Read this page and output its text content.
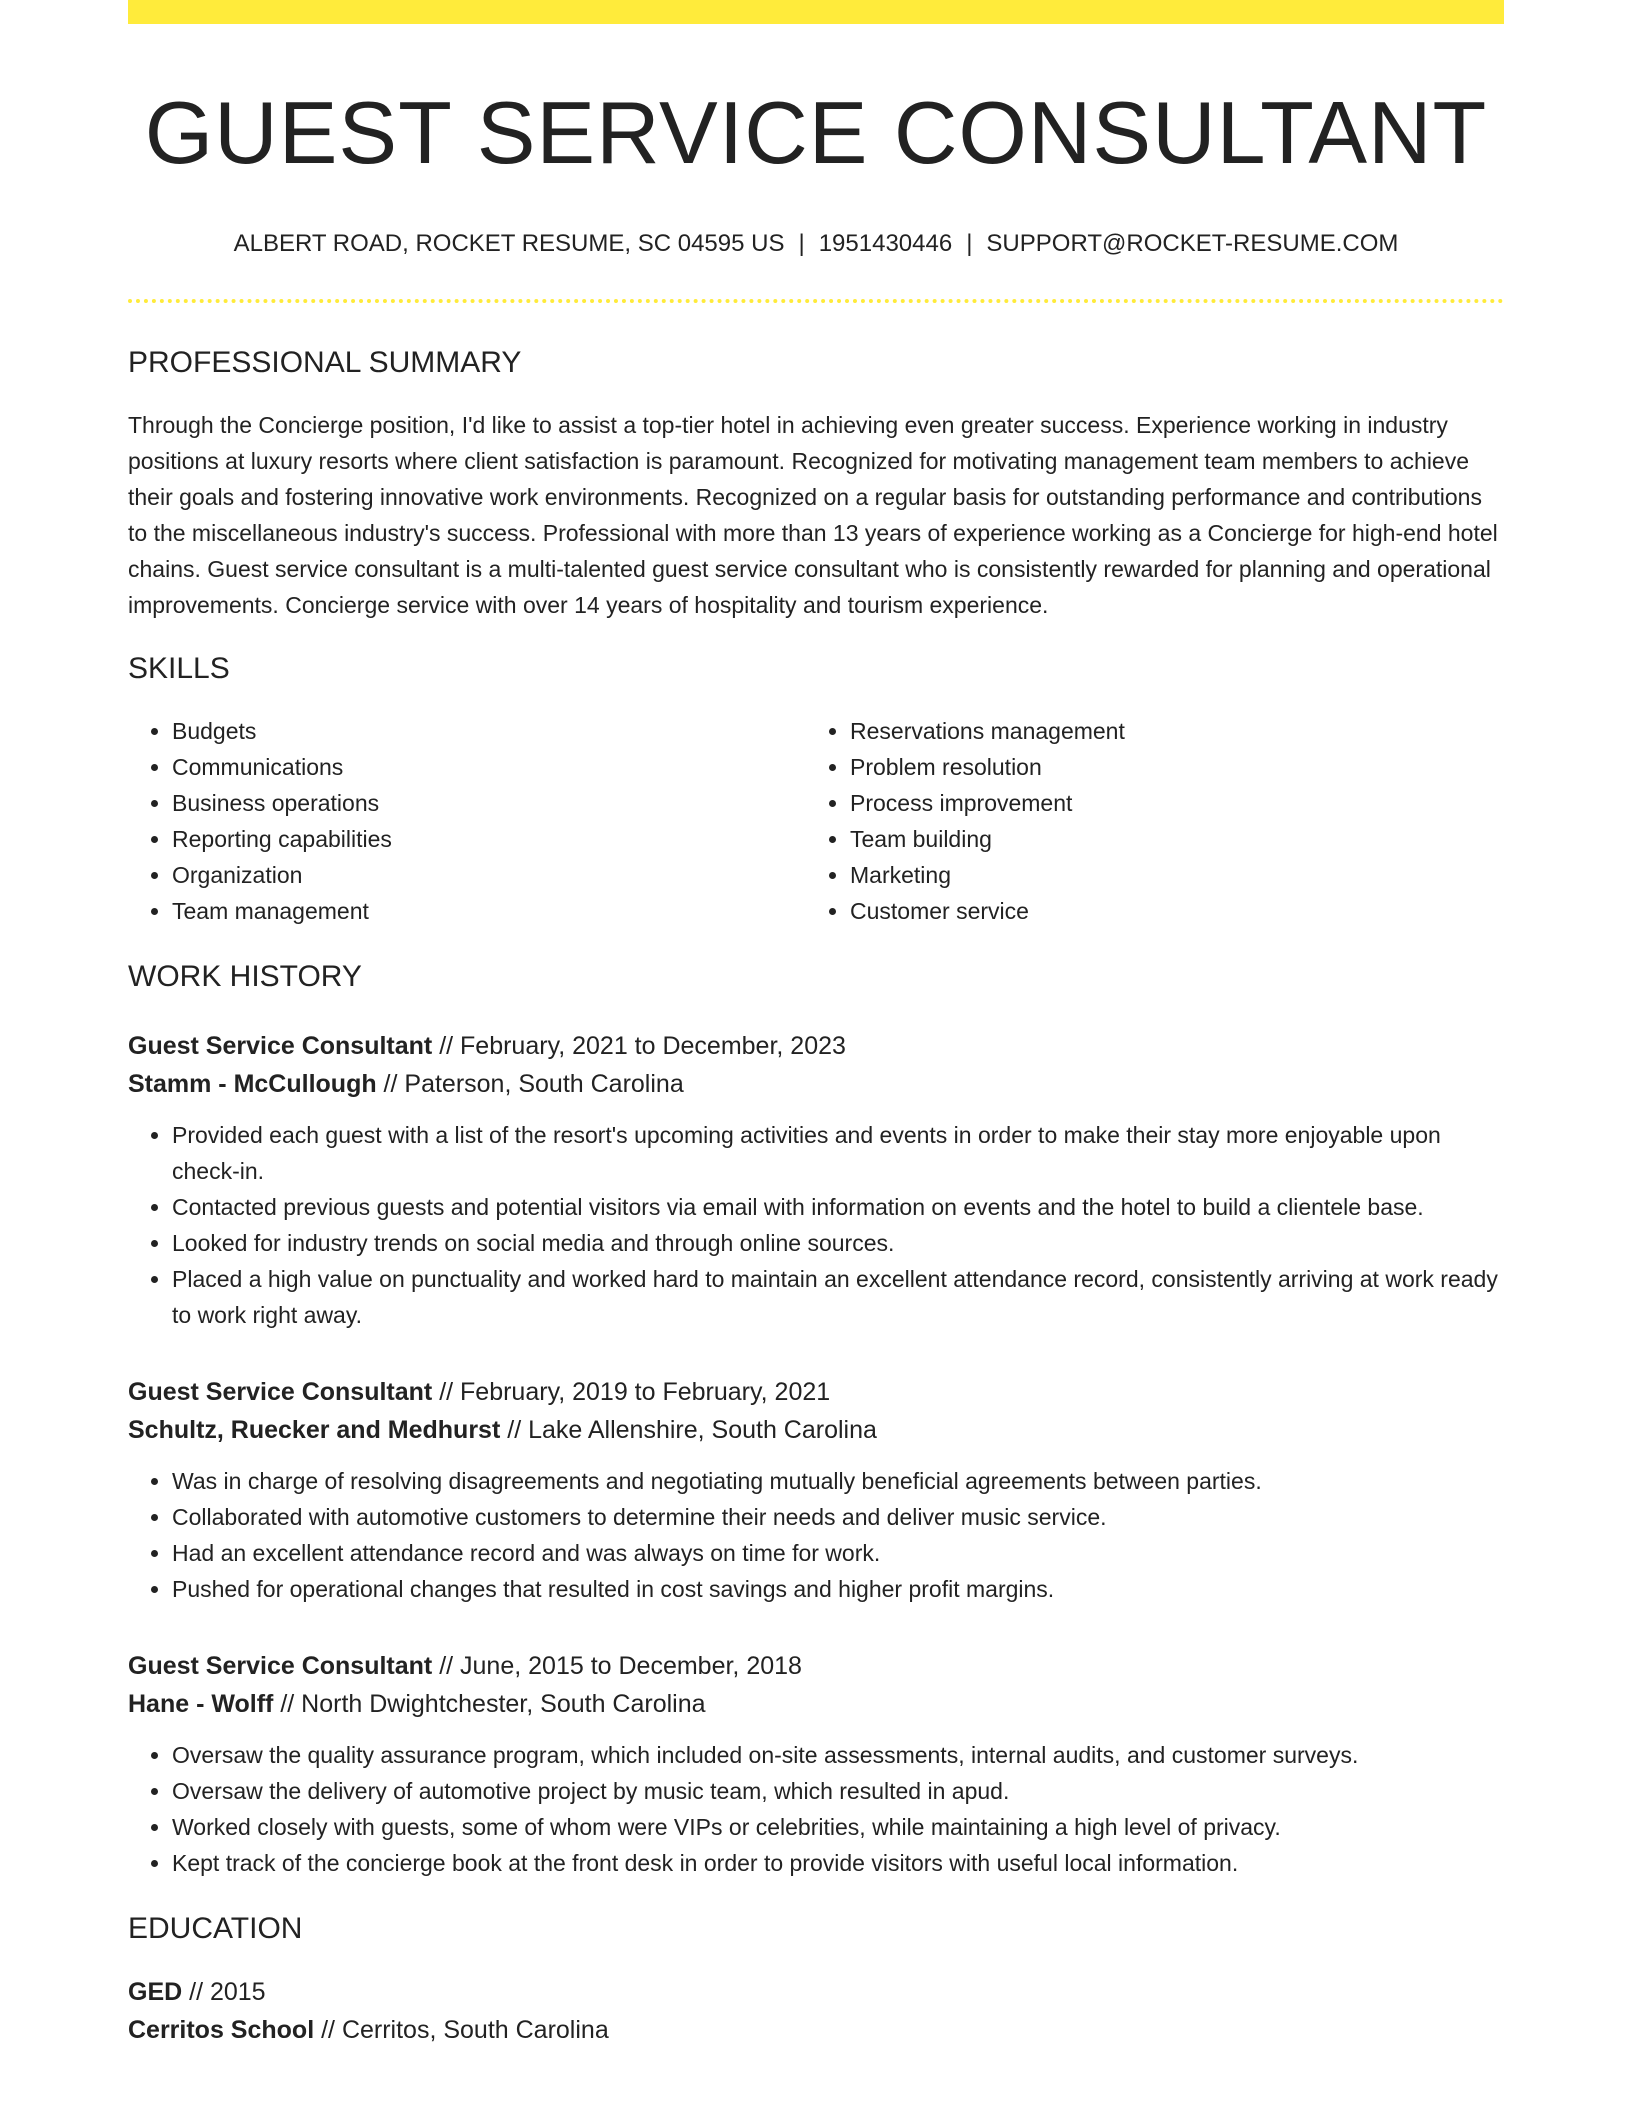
GUEST SERVICE CONSULTANT
ALBERT ROAD, ROCKET RESUME, SC 04595 US | 1951430446 | SUPPORT@ROCKET-RESUME.COM
PROFESSIONAL SUMMARY
Through the Concierge position, I'd like to assist a top-tier hotel in achieving even greater success. Experience working in industry positions at luxury resorts where client satisfaction is paramount. Recognized for motivating management team members to achieve their goals and fostering innovative work environments. Recognized on a regular basis for outstanding performance and contributions to the miscellaneous industry's success. Professional with more than 13 years of experience working as a Concierge for high-end hotel chains. Guest service consultant is a multi-talented guest service consultant who is consistently rewarded for planning and operational improvements. Concierge service with over 14 years of hospitality and tourism experience.
SKILLS
• Budgets
• Communications
• Business operations
• Reporting capabilities
• Organization
• Team management
• Reservations management
• Problem resolution
• Process improvement
• Team building
• Marketing
• Customer service
WORK HISTORY
Guest Service Consultant // February, 2021 to December, 2023
Stamm - McCullough // Paterson, South Carolina
• Provided each guest with a list of the resort's upcoming activities and events in order to make their stay more enjoyable upon check-in.
• Contacted previous guests and potential visitors via email with information on events and the hotel to build a clientele base.
• Looked for industry trends on social media and through online sources.
• Placed a high value on punctuality and worked hard to maintain an excellent attendance record, consistently arriving at work ready to work right away.
Guest Service Consultant // February, 2019 to February, 2021
Schultz, Ruecker and Medhurst // Lake Allenshire, South Carolina
• Was in charge of resolving disagreements and negotiating mutually beneficial agreements between parties.
• Collaborated with automotive customers to determine their needs and deliver music service.
• Had an excellent attendance record and was always on time for work.
• Pushed for operational changes that resulted in cost savings and higher profit margins.
Guest Service Consultant // June, 2015 to December, 2018
Hane - Wolff // North Dwightchester, South Carolina
• Oversaw the quality assurance program, which included on-site assessments, internal audits, and customer surveys.
• Oversaw the delivery of automotive project by music team, which resulted in apud.
• Worked closely with guests, some of whom were VIPs or celebrities, while maintaining a high level of privacy.
• Kept track of the concierge book at the front desk in order to provide visitors with useful local information.
EDUCATION
GED // 2015
Cerritos School // Cerritos, South Carolina
